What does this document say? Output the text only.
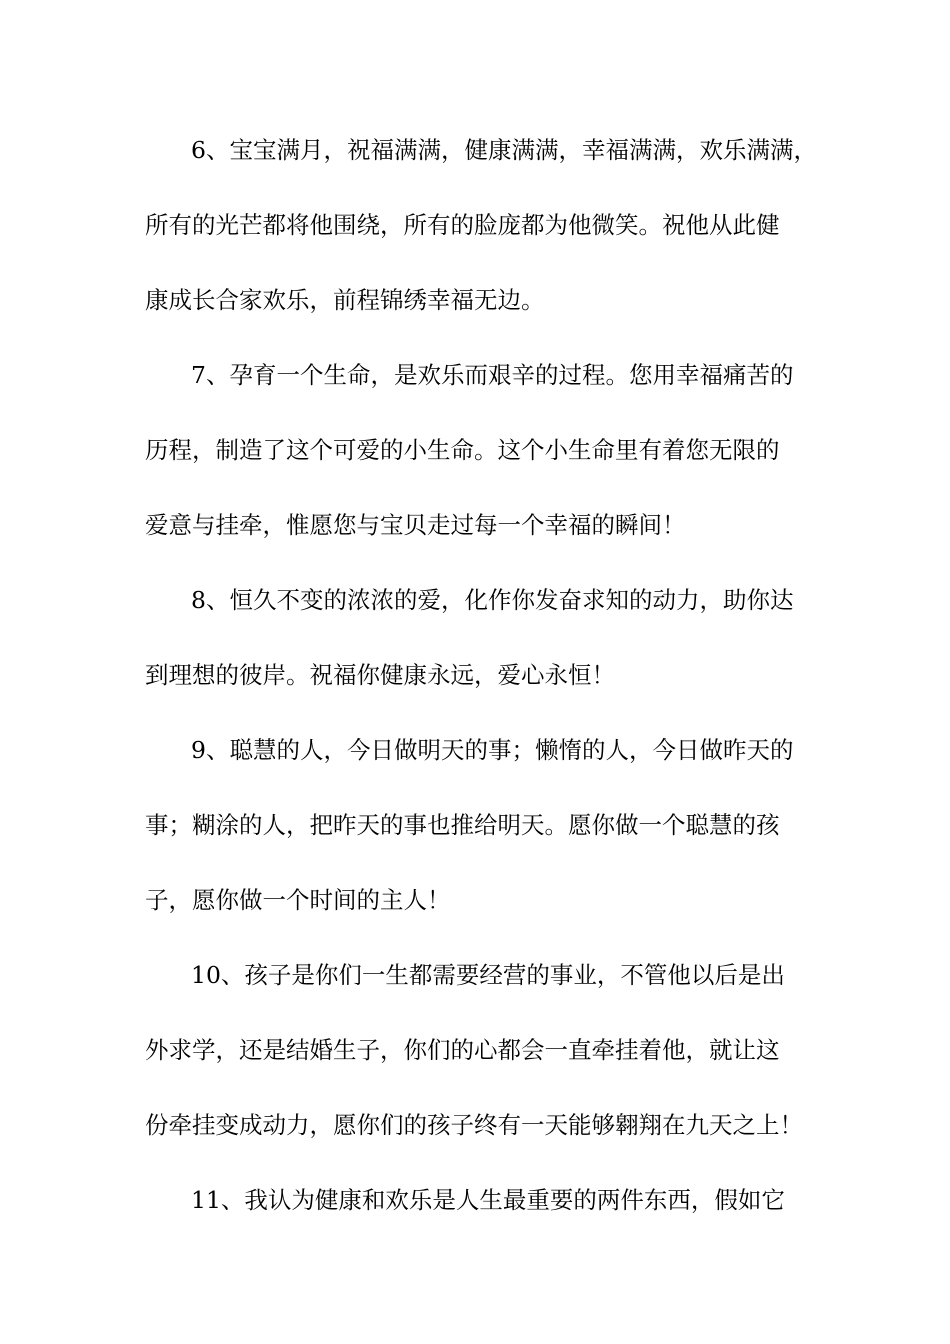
6、宝宝满月，祝福满满，健康满满，幸福满满，欢乐满满，
所有的光芒都将他围绕，所有的脸庞都为他微笑。祝他从此健
康成长合家欢乐，前程锦绣幸福无边。
7、孕育一个生命，是欢乐而艰辛的过程。您用幸福痛苦的
历程，制造了这个可爱的小生命。这个小生命里有着您无限的
爱意与挂牵，惟愿您与宝贝走过每一个幸福的瞬间！
8、恒久不变的浓浓的爱，化作你发奋求知的动力，助你达
到理想的彼岸。祝福你健康永远，爱心永恒！
9、聪慧的人，今日做明天的事；懒惰的人，今日做昨天的
事；糊涂的人，把昨天的事也推给明天。愿你做一个聪慧的孩
子，愿你做一个时间的主人！
10、孩子是你们一生都需要经营的事业，不管他以后是出
外求学，还是结婚生子，你们的心都会一直牵挂着他，就让这
份牵挂变成动力，愿你们的孩子终有一天能够翱翔在九天之上！
11、我认为健康和欢乐是人生最重要的两件东西，假如它
